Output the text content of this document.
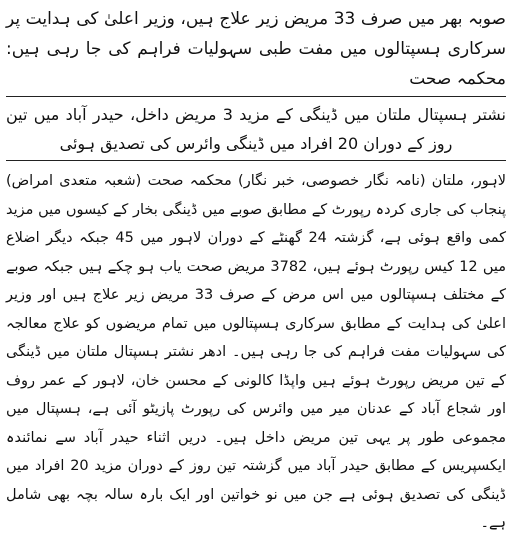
صوبہ بھر میں صرف 33 مریض زیر علاج ہیں، وزیر اعلیٰ کی ہدایت پر سرکاری ہسپتالوں میں مفت طبی سہولیات فراہم کی جا رہی ہیں: محکمہ صحت
نشتر ہسپتال ملتان میں ڈینگی کے مزید 3 مریض داخل، حیدر آباد میں تین روز کے دوران 20 افراد میں ڈینگی وائرس کی تصدیق ہوئی

لاہور، ملتان (نامہ نگار خصوصی، خبر نگار) محکمہ صحت (شعبہ متعدی امراض) پنجاب کی جاری کردہ رپورٹ کے مطابق صوبے میں ڈینگی بخار کے کیسوں میں مزید کمی واقع ہوئی ہے، گزشتہ 24 گھنٹے کے دوران لاہور میں 45 جبکہ دیگر اضلاع میں 12 کیس رپورٹ ہوئے ہیں، 3782 مریض صحت یاب ہو چکے ہیں جبکہ صوبے کے مختلف ہسپتالوں میں اس مرض کے صرف 33 مریض زیر علاج ہیں اور وزیر اعلیٰ کی ہدایت کے مطابق سرکاری ہسپتالوں میں تمام مریضوں کو علاج معالجہ کی سہولیات مفت فراہم کی جا رہی ہیں۔ ادھر نشتر ہسپتال ملتان میں ڈینگی کے تین مریض رپورٹ ہوئے ہیں واپڈا کالونی کے محسن خان، لاہور کے عمر روف اور شجاع آباد کے عدنان میر میں وائرس کی رپورٹ پازیٹو آئی ہے، ہسپتال میں مجموعی طور پر یہی تین مریض داخل ہیں۔ دریں اثناء حیدر آباد سے نمائندہ ایکسپریس کے مطابق حیدر آباد میں گزشتہ تین روز کے دوران مزید 20 افراد میں ڈینگی کی تصدیق ہوئی ہے جن میں نو خواتین اور ایک بارہ سالہ بچہ بھی شامل ہے۔
